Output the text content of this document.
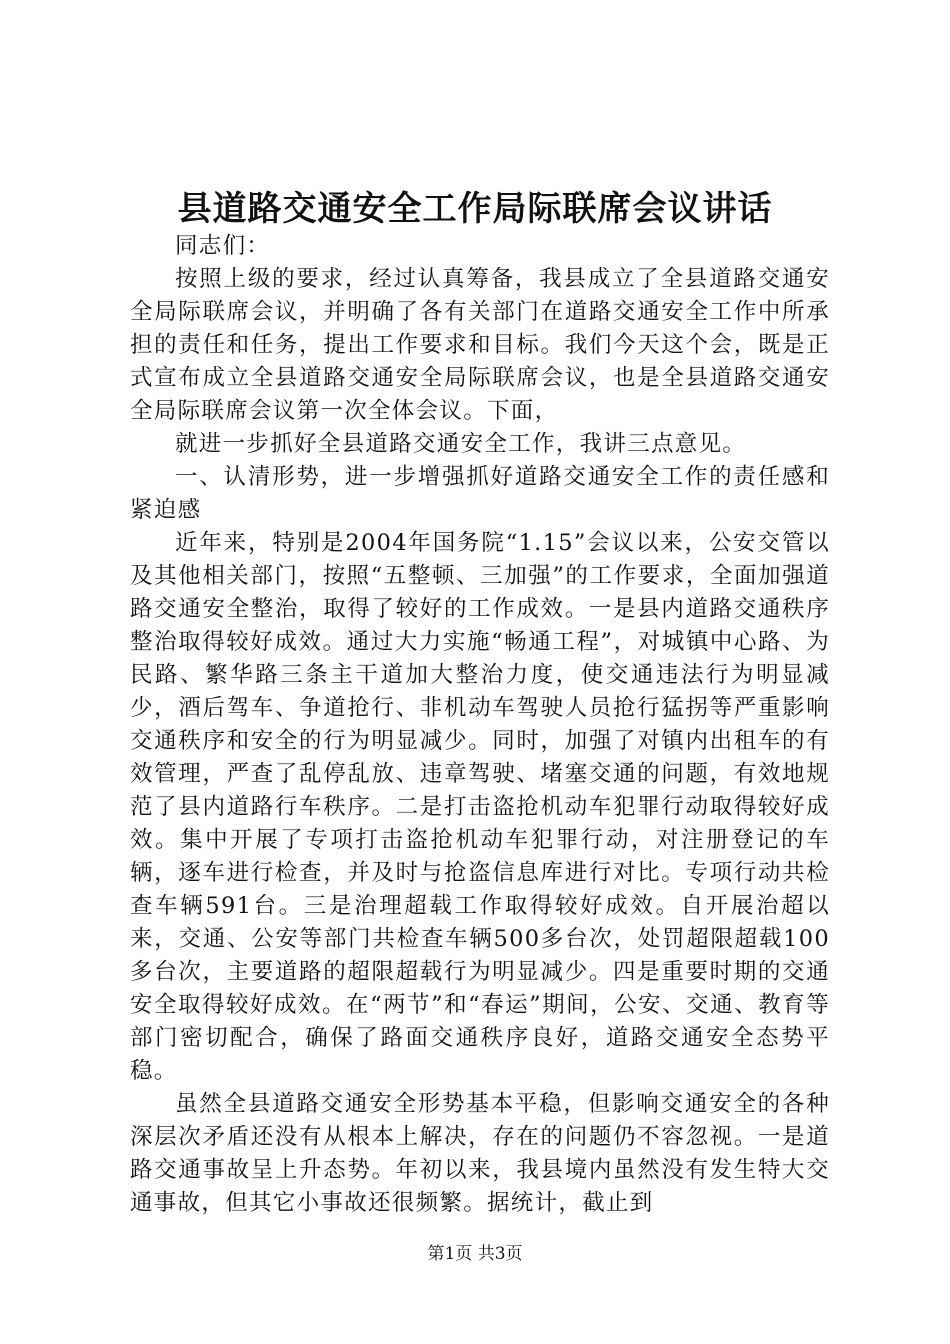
县道路交通安全工作局际联席会议讲话

同志们：

按照上级的要求，经过认真筹备，我县成立了全县道路交通安全局际联席会议，并明确了各有关部门在道路交通安全工作中所承担的责任和任务，提出工作要求和目标。我们今天这个会，既是正式宣布成立全县道路交通安全局际联席会议，也是全县道路交通安全局际联席会议第一次全体会议。下面，

就进一步抓好全县道路交通安全工作，我讲三点意见。

一、认清形势，进一步增强抓好道路交通安全工作的责任感和紧迫感

近年来，特别是2004年国务院“1.15”会议以来，公安交管以及其他相关部门，按照“五整顿、三加强”的工作要求，全面加强道路交通安全整治，取得了较好的工作成效。一是县内道路交通秩序整治取得较好成效。通过大力实施“畅通工程”，对城镇中心路、为民路、繁华路三条主干道加大整治力度，使交通违法行为明显减少，酒后驾车、争道抢行、非机动车驾驶人员抢行猛拐等严重影响交通秩序和安全的行为明显减少。同时，加强了对镇内出租车的有效管理，严查了乱停乱放、违章驾驶、堵塞交通的问题，有效地规范了县内道路行车秩序。二是打击盗抢机动车犯罪行动取得较好成效。集中开展了专项打击盗抢机动车犯罪行动，对注册登记的车辆，逐车进行检查，并及时与抢盗信息库进行对比。专项行动共检查车辆591台。三是治理超载工作取得较好成效。自开展治超以来，交通、公安等部门共检查车辆500多台次，处罚超限超载100多台次，主要道路的超限超载行为明显减少。四是重要时期的交通安全取得较好成效。在“两节”和“春运”期间，公安、交通、教育等部门密切配合，确保了路面交通秩序良好，道路交通安全态势平稳。

虽然全县道路交通安全形势基本平稳，但影响交通安全的各种深层次矛盾还没有从根本上解决，存在的问题仍不容忽视。一是道路交通事故呈上升态势。年初以来，我县境内虽然没有发生特大交通事故，但其它小事故还很频繁。据统计，截止到

第1页 共3页
